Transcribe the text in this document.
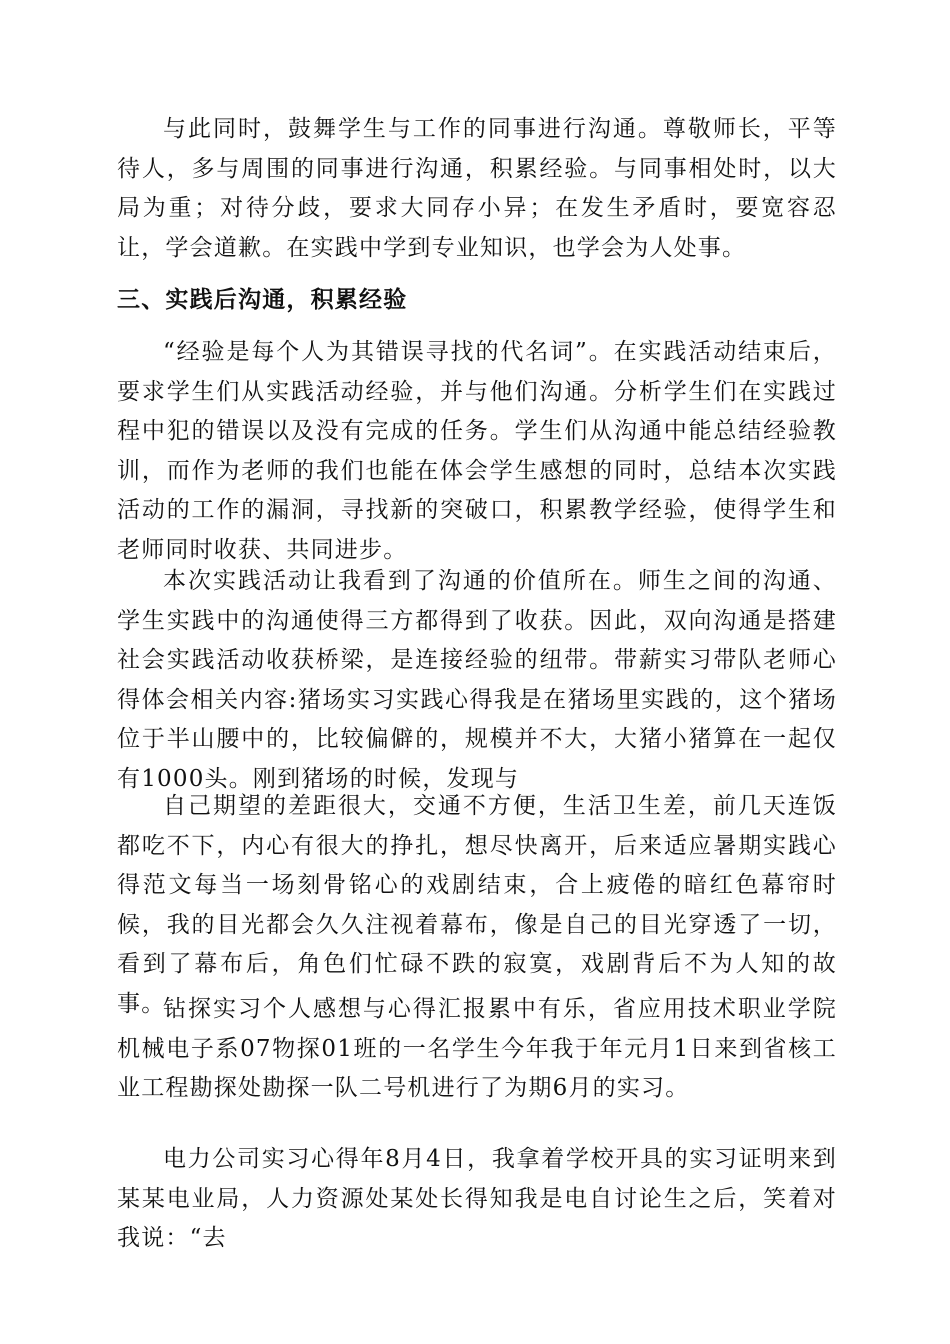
与此同时，鼓舞学生与工作的同事进行沟通。尊敬师长，平等待人，多与周围的同事进行沟通，积累经验。与同事相处时，以大局为重；对待分歧，要求大同存小异；在发生矛盾时，要宽容忍让，学会道歉。在实践中学到专业知识，也学会为人处事。

三、实践后沟通，积累经验

“经验是每个人为其错误寻找的代名词”。在实践活动结束后，要求学生们从实践活动经验，并与他们沟通。分析学生们在实践过程中犯的错误以及没有完成的任务。学生们从沟通中能总结经验教训，而作为老师的我们也能在体会学生感想的同时，总结本次实践活动的工作的漏洞，寻找新的突破口，积累教学经验，使得学生和老师同时收获、共同进步。

本次实践活动让我看到了沟通的价值所在。师生之间的沟通、学生实践中的沟通使得三方都得到了收获。因此，双向沟通是搭建社会实践活动收获桥梁，是连接经验的纽带。带薪实习带队老师心得体会相关内容:猪场实习实践心得我是在猪场里实践的，这个猪场位于半山腰中的，比较偏僻的，规模并不大，大猪小猪算在一起仅有1000头。刚到猪场的时候，发现与

自己期望的差距很大，交通不方便，生活卫生差，前几天连饭都吃不下，内心有很大的挣扎，想尽快离开，后来适应暑期实践心得范文每当一场刻骨铭心的戏剧结束，合上疲倦的暗红色幕帘时候，我的目光都会久久注视着幕布，像是自己的目光穿透了一切，看到了幕布后，角色们忙碌不跌的寂寞，戏剧背后不为人知的故事。

钻探实习个人感想与心得汇报累中有乐，省应用技术职业学院机械电子系07物探01班的一名学生今年我于年元月1日来到省核工业工程勘探处勘探一队二号机进行了为期6月的实习。

电力公司实习心得年8月4日，我拿着学校开具的实习证明来到某某电业局，人力资源处某处长得知我是电自讨论生之后，笑着对我说：“去
